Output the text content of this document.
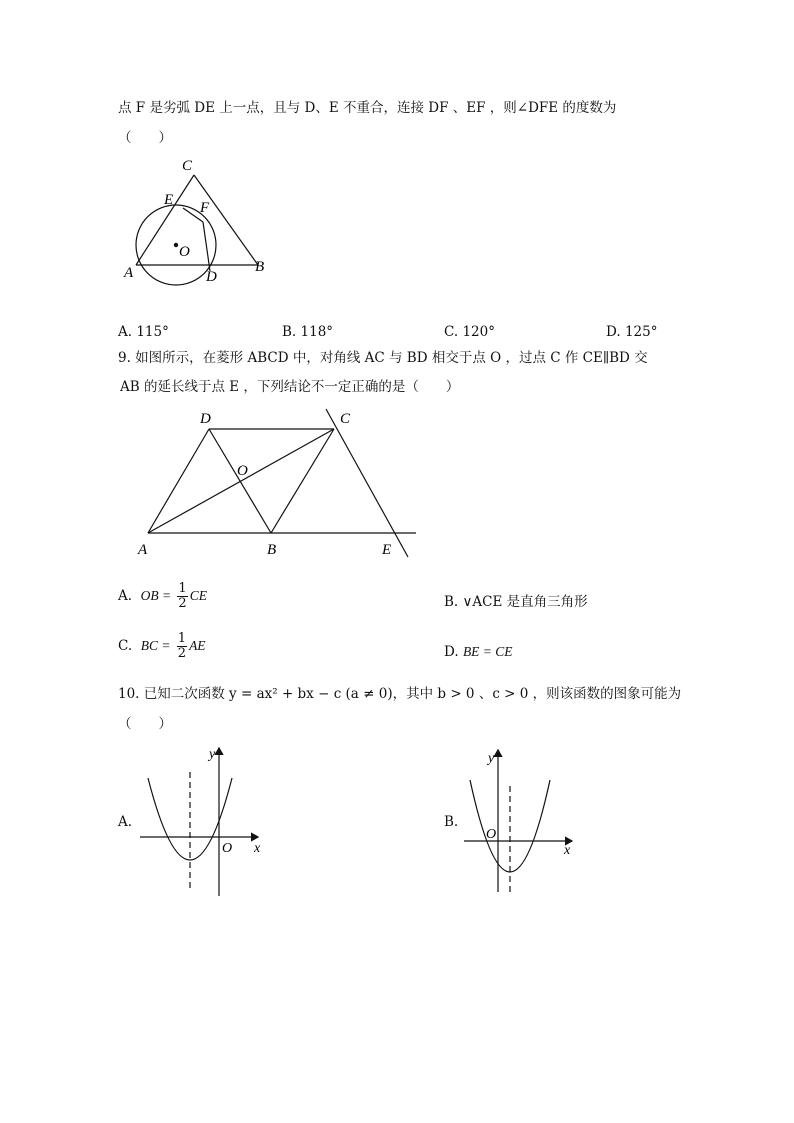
点 F 是劣弧 DE 上一点，且与 D、E 不重合，连接 DF 、EF ，则∠DFE 的度数为
（　　）
C
E F
O
A	D
B
A. 115°	B. 118°	C. 120°	D. 125°
9. 如图所示，在菱形 ABCD 中，对角线 AC 与 BD 相交于点 O ，过点 C 作 CE∥BD 交
AB 的延长线于点 E ，下列结论不一定正确的是（　　）
D	C
O
A	B	E
A. OB = $\frac{1}{2}$ CE	B. ∨ACE 是直角三角形
C. BC = $\frac{1}{2}$ AE	D. BE = CE
10. 已知二次函数 y = ax² + bx − c (a ≠ 0)，其中 b > 0 、c > 0 ，则该函数的图象可能为
（　　）
A.
y
x
O
B.
y
x
O
